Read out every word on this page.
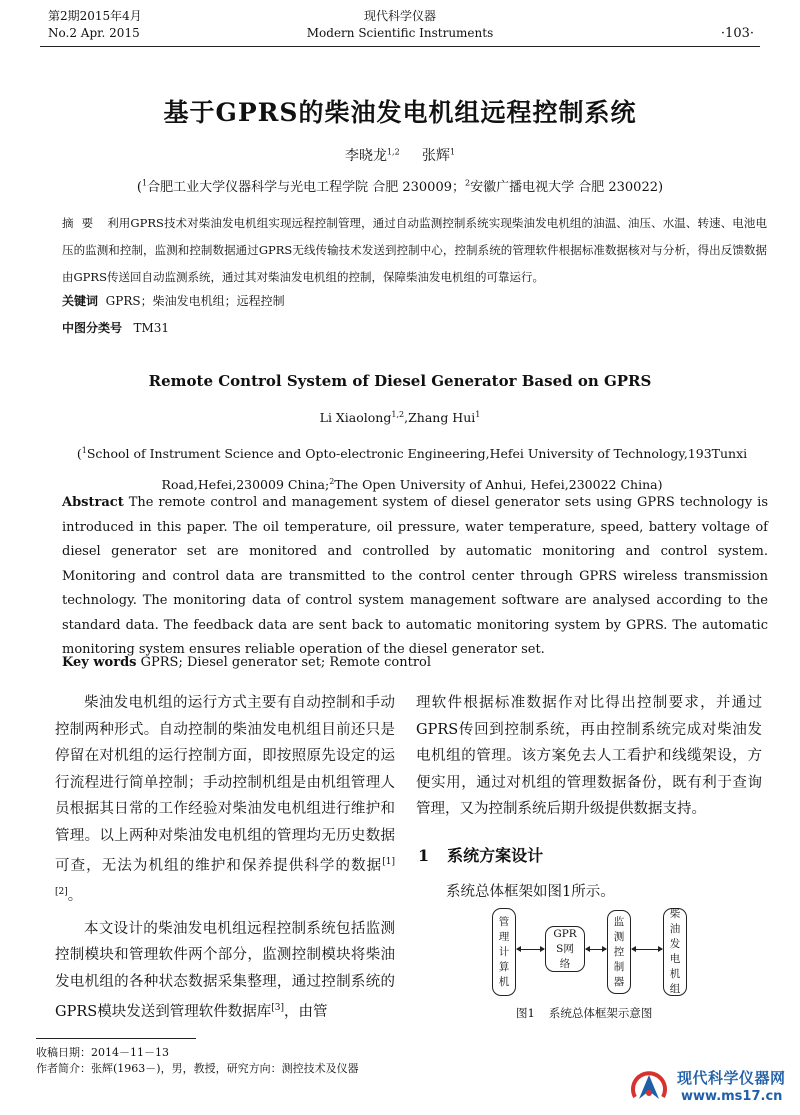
第2期2015年4月
No.2 Apr. 2015
现代科学仪器
Modern Scientific Instruments	·103·
基于GPRS的柴油发电机组远程控制系统
李晓龙$^{1,2}$ 张辉$^1$
($^1$合肥工业大学仪器科学与光电工程学院 合肥 230009；$^2$安徽广播电视大学 合肥 230022)
摘要 利用GPRS技术对柴油发电机组实现远程控制管理，通过自动监测控制系统实现柴油发电机组的油温、油压、水温、转速、电池电压的监测和控制，监测和控制数据通过GPRS无线传输技术发送到控制中心，控制系统的管理软件根据标准数据核对与分析，得出反馈数据由GPRS传送回自动监测系统，通过其对柴油发电机组的控制，保障柴油发电机组的可靠运行。
关键词 GPRS；柴油发电机组；远程控制
中图分类号 TM31
Remote Control System of Diesel Generator Based on GPRS
Li Xiaolong$^{1,2}$,Zhang Hui$^1$
($^1$School of Instrument Science and Opto-electronic Engineering,Hefei University of Technology,193Tunxi Road,Hefei,230009 China;$^2$The Open University of Anhui, Hefei,230022 China)
Abstract The remote control and management system of diesel generator sets using GPRS technology is introduced in this paper. The oil temperature, oil pressure, water temperature, speed, battery voltage of diesel generator set are monitored and controlled by automatic monitoring and control system. Monitoring and control data are transmitted to the control center through GPRS wireless transmission technology. The monitoring data of control system management software are analysed according to the standard data. The feedback data are sent back to automatic monitoring system by GPRS. The automatic monitoring system ensures reliable operation of the diesel generator set.
Key words GPRS; Diesel generator set; Remote control

柴油发电机组的运行方式主要有自动控制和手动控制两种形式。自动控制的柴油发电机组目前还只是停留在对机组的运行控制方面，即按照原先设定的运行流程进行简单控制；手动控制机组是由机组管理人员根据其日常的工作经验对柴油发电机组进行维护和管理。以上两种对柴油发电机组的管理均无历史数据可查，无法为机组的维护和保养提供科学的数据[1][2]。

本文设计的柴油发电机组远程控制系统包括监测控制模块和管理软件两个部分，监测控制模块将柴油发电机组的各种状态数据采集整理，通过控制系统的GPRS模块发送到管理软件数据库[3]，由管

理软件根据标准数据作对比得出控制要求，并通过GPRS传回到控制系统，再由控制系统完成对柴油发电机组的管理。该方案免去人工看护和线缆架设，方便实用，通过对机组的管理数据备份，既有利于查询管理，又为控制系统后期升级提供数据支持。

1 系统方案设计
系统总体框架如图1所示。
管理计算机
GPRS网络
监测控制器
柴油发电机组
图1 系统总体框架示意图
收稿日期：2014－11－13
作者简介：张辉(1963－)，男，教授，研究方向：测控技术及仪器
现代科学仪器网
www.ms17.cn
